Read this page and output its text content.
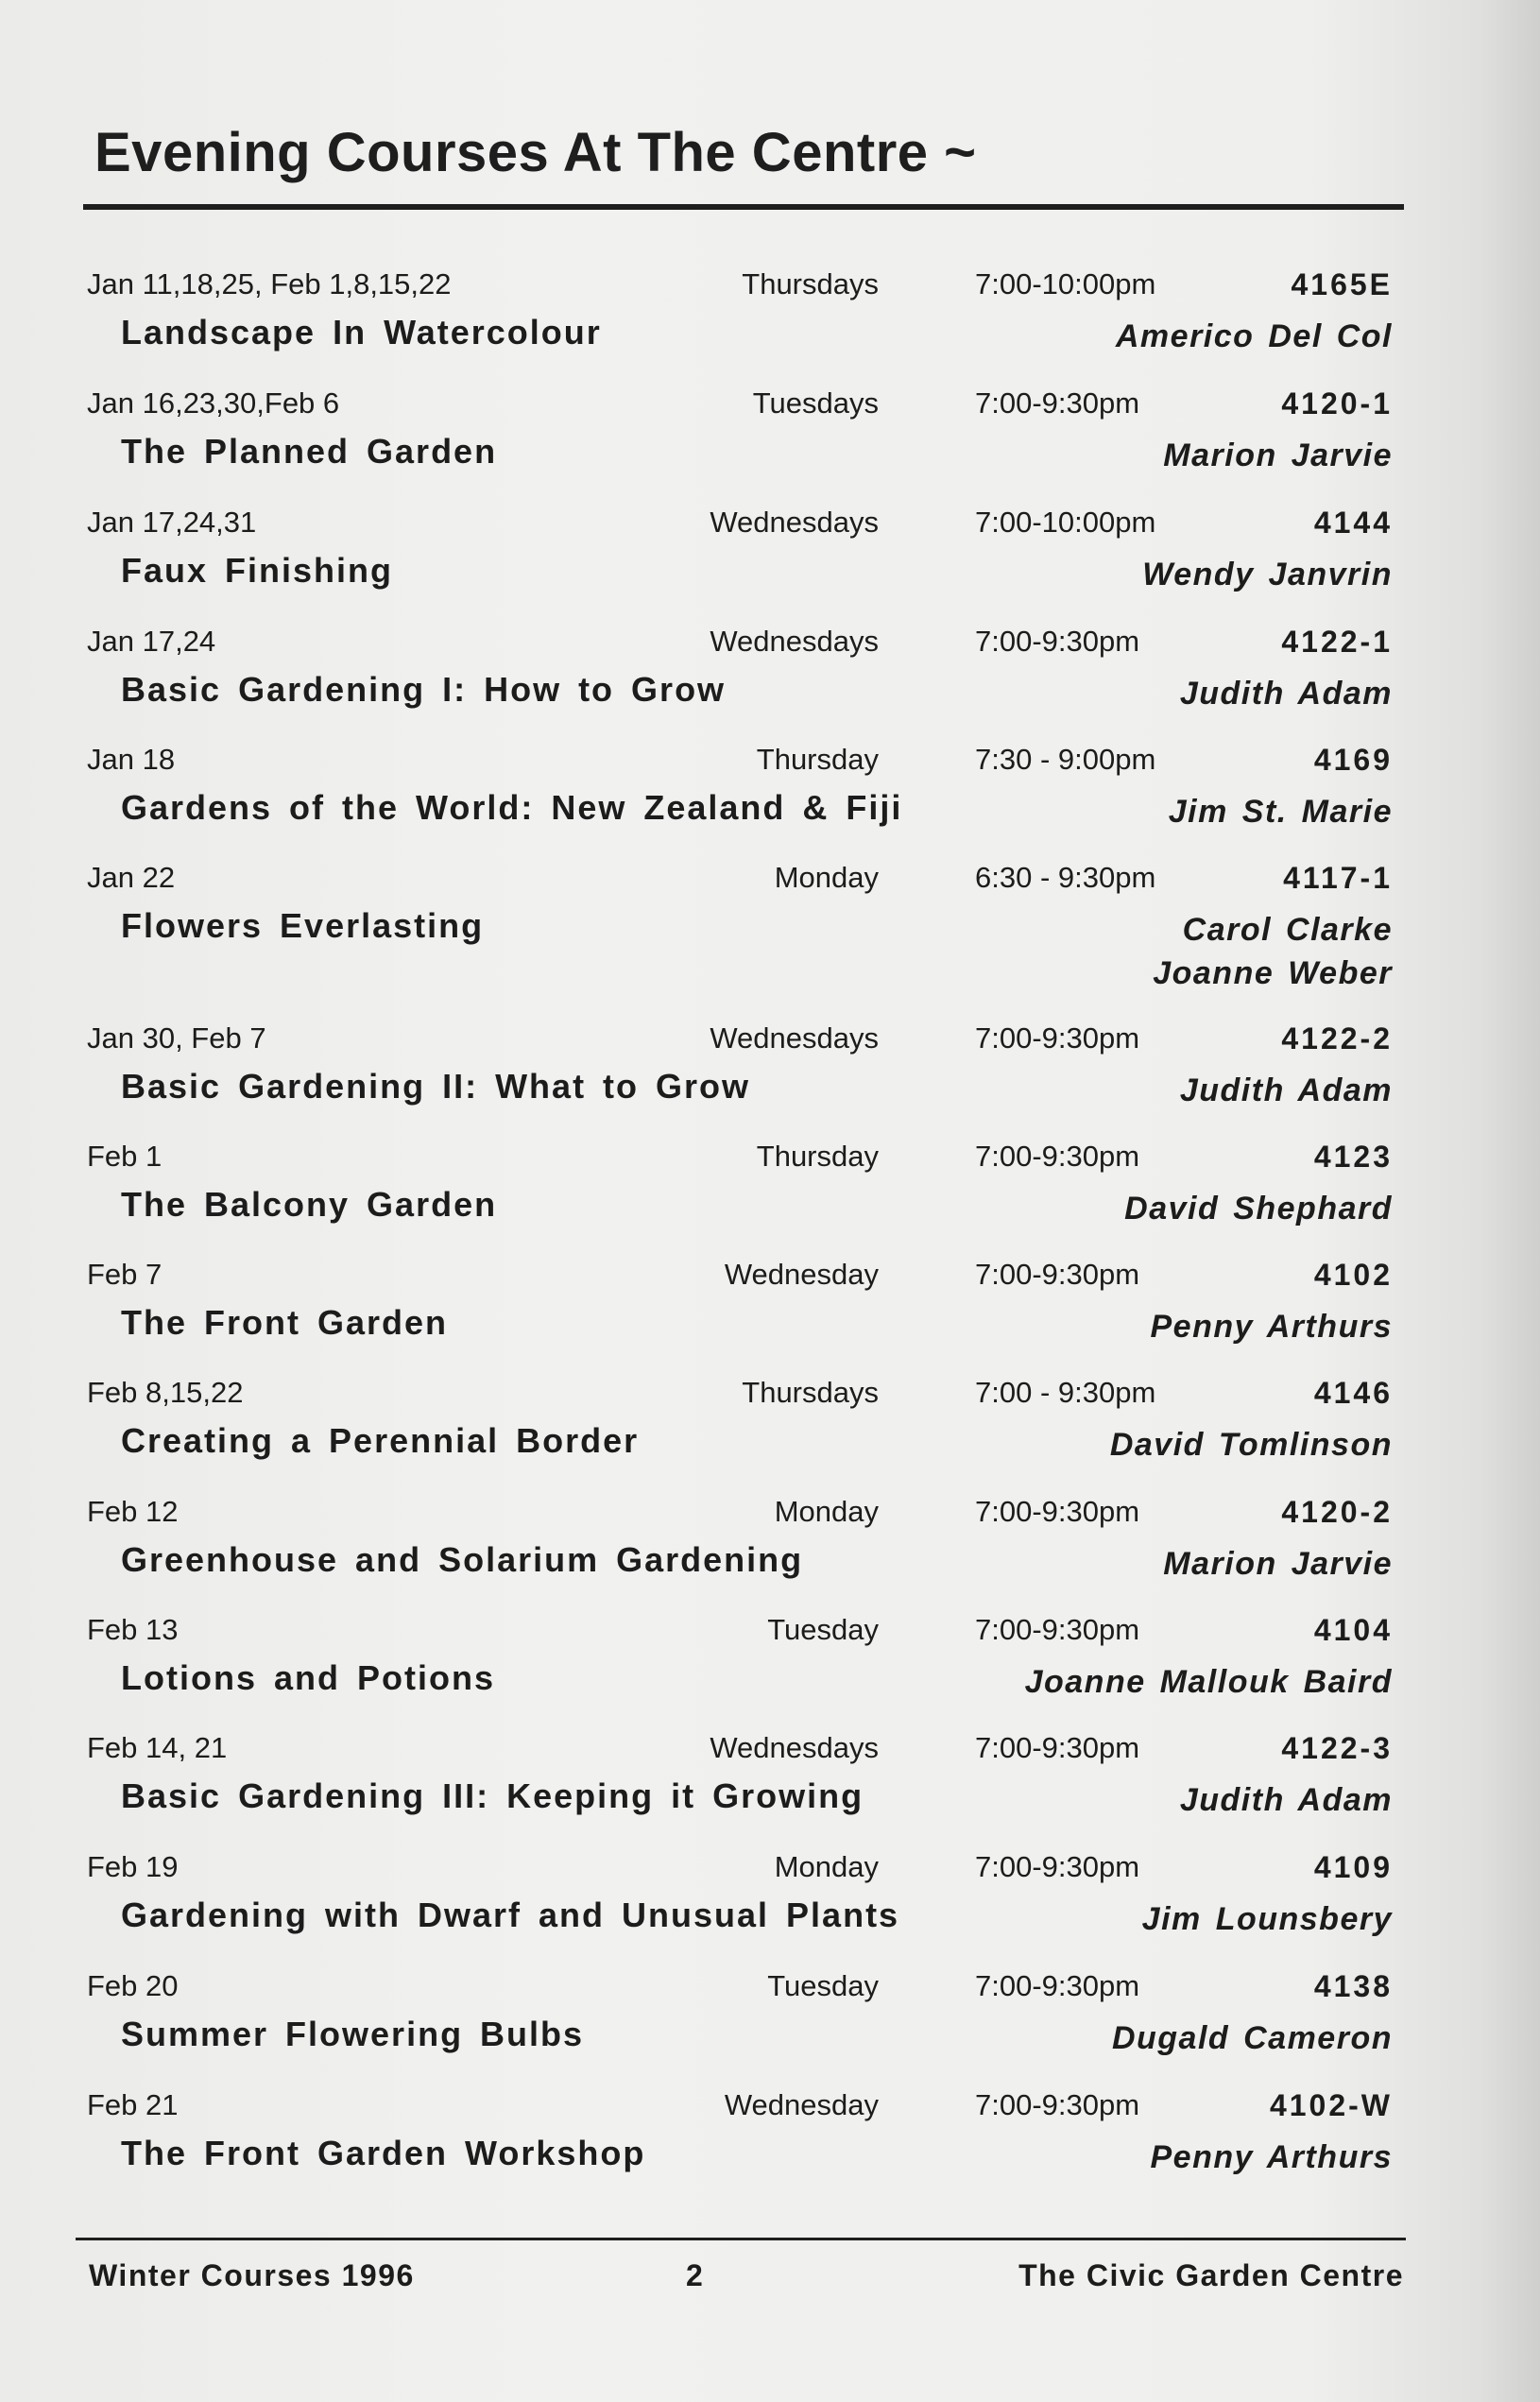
Evening Courses At The Centre ~
Jan 11,18,25, Feb 1,8,15,22	Thursdays	7:00-10:00pm	4165E
Landscape In Watercolour	Americo Del Col
Jan 16,23,30,Feb 6	Tuesdays	7:00-9:30pm	4120-1
The Planned Garden	Marion Jarvie
Jan 17,24,31	Wednesdays	7:00-10:00pm	4144
Faux Finishing	Wendy Janvrin
Jan 17,24	Wednesdays	7:00-9:30pm	4122-1
Basic Gardening I: How to Grow	Judith Adam
Jan 18	Thursday	7:30 - 9:00pm	4169
Gardens of the World: New Zealand & Fiji	Jim St. Marie
Jan 22	Monday	6:30 - 9:30pm	4117-1
Flowers Everlasting	Carol Clarke
Joanne Weber
Jan 30, Feb 7	Wednesdays	7:00-9:30pm	4122-2
Basic Gardening II: What to Grow	Judith Adam
Feb 1	Thursday	7:00-9:30pm	4123
The Balcony Garden	David Shephard
Feb 7	Wednesday	7:00-9:30pm	4102
The Front Garden	Penny Arthurs
Feb 8,15,22	Thursdays	7:00 - 9:30pm	4146
Creating a Perennial Border	David Tomlinson
Feb 12	Monday	7:00-9:30pm	4120-2
Greenhouse and Solarium Gardening	Marion Jarvie
Feb 13	Tuesday	7:00-9:30pm	4104
Lotions and Potions	Joanne Mallouk Baird
Feb 14, 21	Wednesdays	7:00-9:30pm	4122-3
Basic Gardening III: Keeping it Growing	Judith Adam
Feb 19	Monday	7:00-9:30pm	4109
Gardening with Dwarf and Unusual Plants	Jim Lounsbery
Feb 20	Tuesday	7:00-9:30pm	4138
Summer Flowering Bulbs	Dugald Cameron
Feb 21	Wednesday	7:00-9:30pm	4102-W
The Front Garden Workshop	Penny Arthurs
Winter Courses 1996	2	The Civic Garden Centre
